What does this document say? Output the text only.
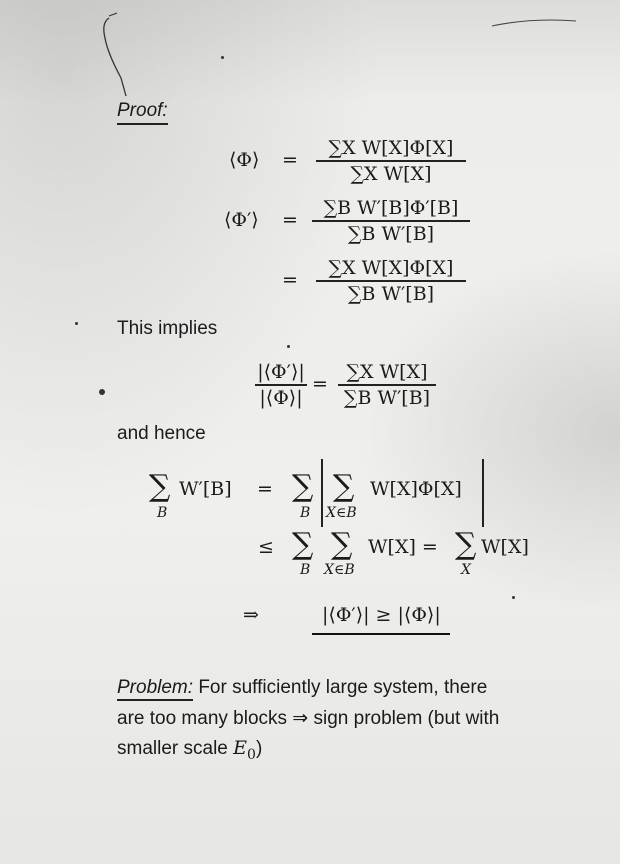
Proof:
⟨Φ⟩ =
∑X W[X]Φ[X]
∑X W[X]
⟨Φ′⟩ =
∑B W′[B]Φ′[B]
∑B W′[B]
=
∑X W[X]Φ[X]
∑B W′[B]
This implies
|⟨Φ′⟩|
|⟨Φ⟩|
=
∑X W[X]
∑B W′[B]
and hence
∑
B
W′[B] = ∑
B
∑
X∈B
W[X]Φ[X]
≤ ∑
B
∑
X∈B
W[X] = ∑
X
W[X]
⇒	|⟨Φ′⟩| ≥ |⟨Φ⟩|
Problem: For sufficiently large system, there
are too many blocks ⇒ sign problem (but with
smaller scale $E_0$)
